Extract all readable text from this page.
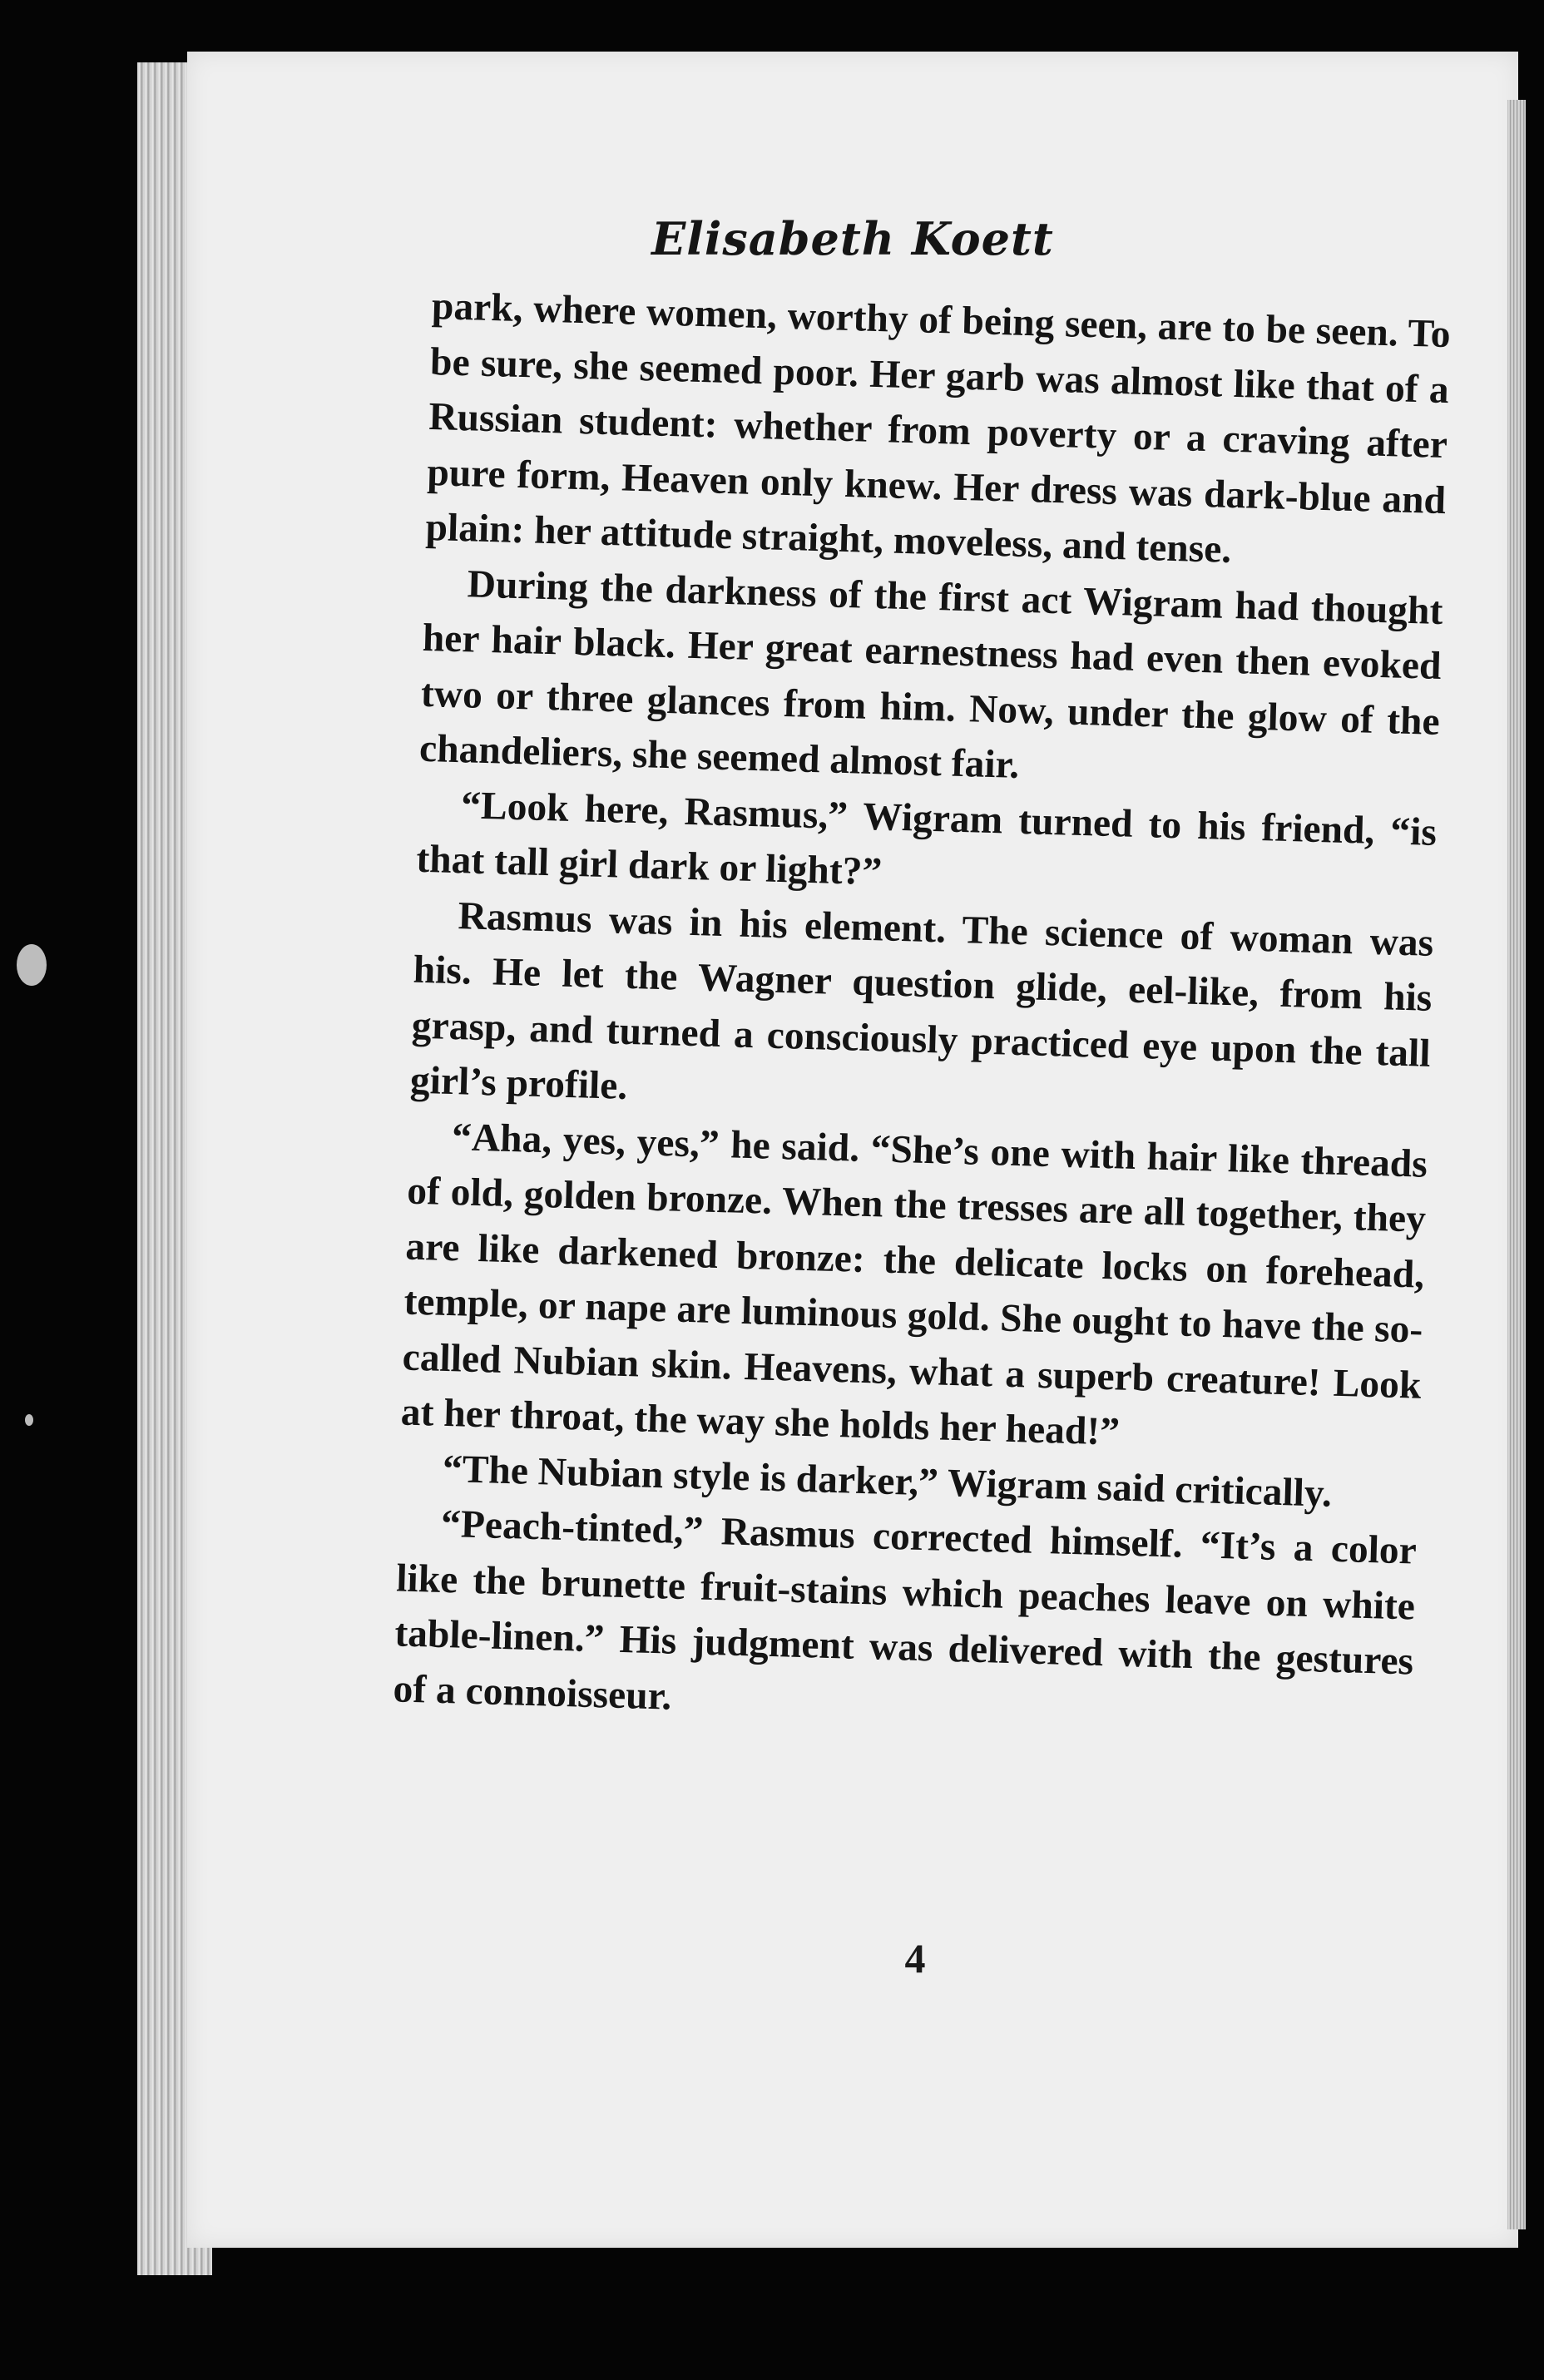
Elisabeth Koett

park, where women, worthy of being seen, are to be seen. To be sure, she seemed poor. Her garb was almost like that of a Russian student: whether from poverty or a craving after pure form, Heaven only knew. Her dress was dark-blue and plain: her attitude straight, moveless, and tense.

During the darkness of the first act Wigram had thought her hair black. Her great earnestness had even then evoked two or three glances from him. Now, under the glow of the chandeliers, she seemed almost fair.

“Look here, Rasmus,” Wigram turned to his friend, “is that tall girl dark or light?”

Rasmus was in his element. The science of woman was his. He let the Wagner question glide, eel-like, from his grasp, and turned a consciously practiced eye upon the tall girl’s profile.

“Aha, yes, yes,” he said. “She’s one with hair like threads of old, golden bronze. When the tresses are all together, they are like darkened bronze: the delicate locks on forehead, temple, or nape are luminous gold. She ought to have the so-called Nubian skin. Heavens, what a superb creature! Look at her throat, the way she holds her head!”

“The Nubian style is darker,” Wigram said critically.

“Peach-tinted,” Rasmus corrected himself. “It’s a color like the brunette fruit-stains which peaches leave on white table-linen.” His judgment was delivered with the gestures of a connoisseur.

4
